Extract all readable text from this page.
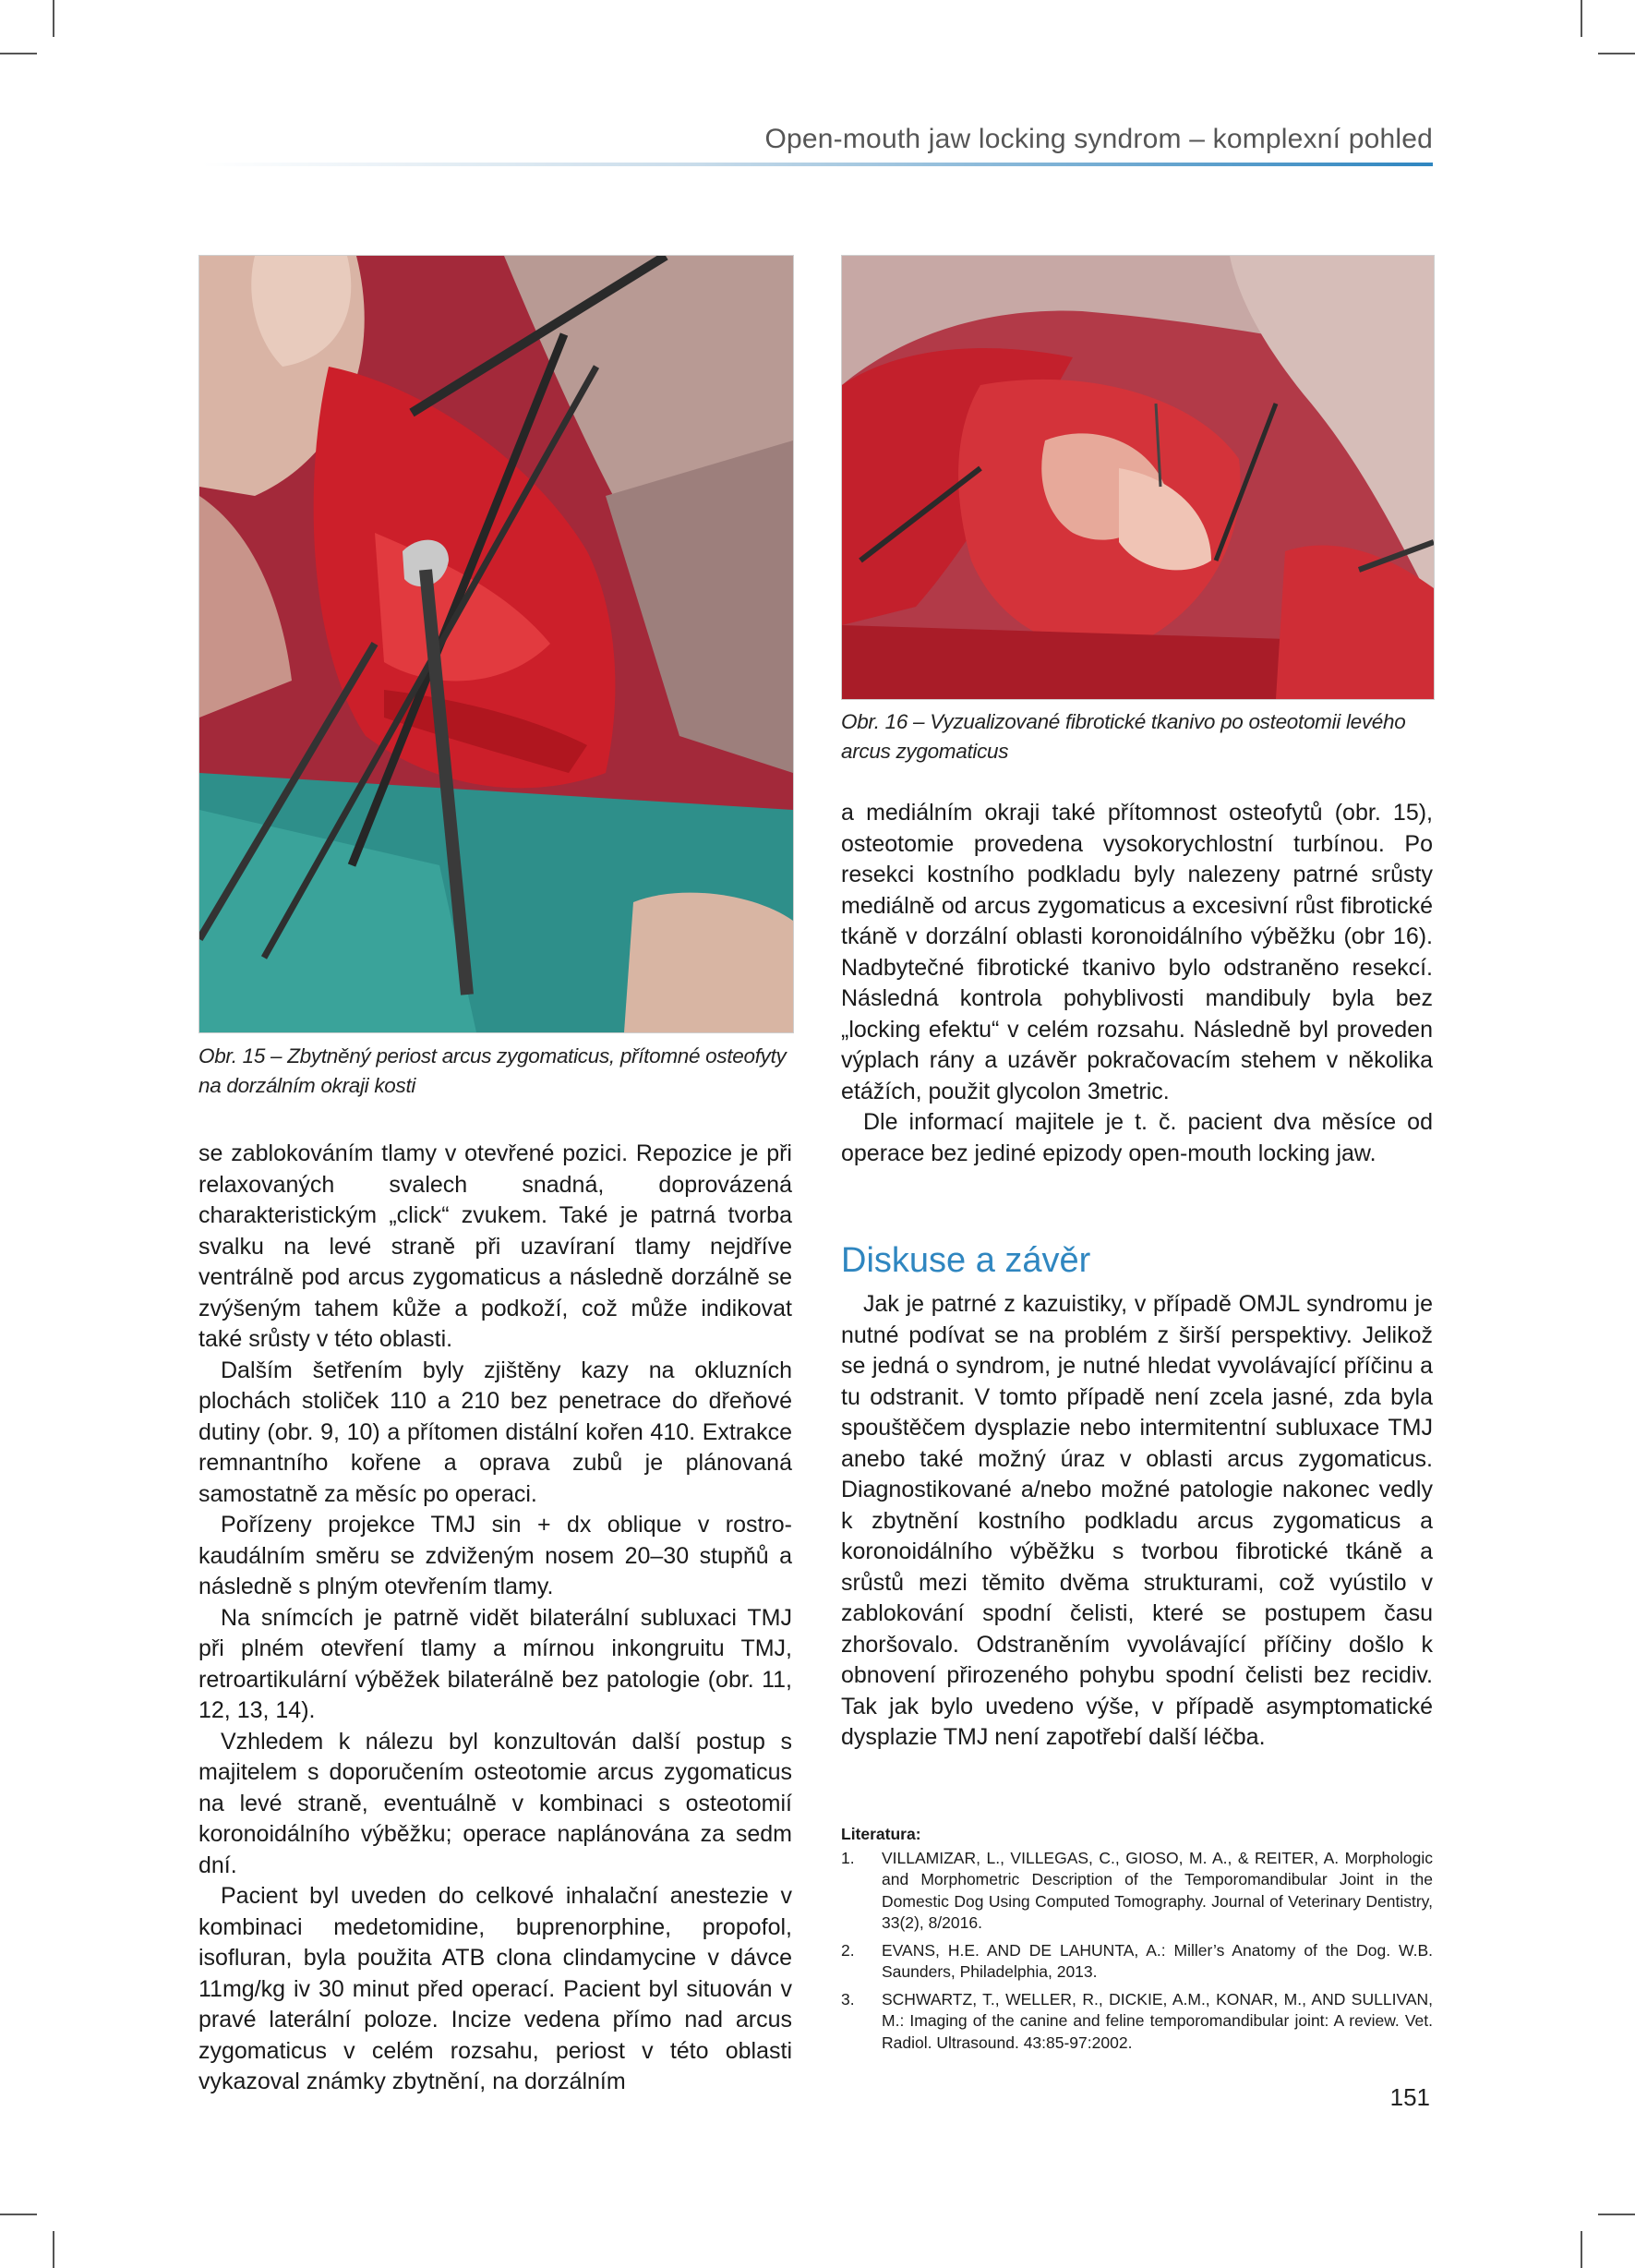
Open-mouth jaw locking syndrom – komplexní pohled
Obr. 15 – Zbytněný periost arcus zygomaticus, přítomné osteofyty na dorzálním okraji kosti
Obr. 16 – Vyzualizované fibrotické tkanivo po osteotomii levého arcus zygomaticus

se zablokováním tlamy v otevřené pozici. Repozice je při relaxovaných svalech snadná, doprovázená charakteristickým „click“ zvukem. Také je patrná tvorba svalku na levé straně při uzavíraní tlamy nejdříve ventrálně pod arcus zygomaticus a následně dorzálně se zvýšeným tahem kůže a podkoží, což může indikovat také srůsty v této oblasti.

Dalším šetřením byly zjištěny kazy na okluzních plochách stoliček 110 a 210 bez penetrace do dřeňové dutiny (obr. 9, 10) a přítomen distální kořen 410. Extrakce remnantního kořene a oprava zubů je plánovaná samostatně za měsíc po operaci.

Pořízeny projekce TMJ sin + dx oblique v rostro-kaudálním směru se zdviženým nosem 20–30 stupňů a následně s plným otevřením tlamy.

Na snímcích je patrně vidět bilaterální subluxaci TMJ při plném otevření tlamy a mírnou inkongruitu TMJ, retroartikulární výběžek bilaterálně bez patologie (obr. 11, 12, 13, 14).

Vzhledem k nálezu byl konzultován další postup s majitelem s doporučením osteotomie arcus zygomaticus na levé straně, eventuálně v kombinaci s osteotomií koronoidálního výběžku; operace naplánována za sedm dní.

Pacient byl uveden do celkové inhalační anestezie v kombinaci medetomidine, buprenorphine, propofol, isofluran, byla použita ATB clona clindamycine v dávce 11mg/kg iv 30 minut před operací. Pacient byl situován v pravé laterální poloze. Incize vedena přímo nad arcus zygomaticus v celém rozsahu, periost v této oblasti vykazoval známky zbytnění, na dorzálním

a mediálním okraji také přítomnost osteofytů (obr. 15), osteotomie provedena vysokorychlostní turbínou. Po resekci kostního podkladu byly nalezeny patrné srůsty mediálně od arcus zygomaticus a excesivní růst fibrotické tkáně v dorzální oblasti koronoidálního výběžku (obr 16). Nadbytečné fibrotické tkanivo bylo odstraněno resekcí. Následná kontrola pohyblivosti mandibuly byla bez „locking efektu“ v celém rozsahu. Následně byl proveden výplach rány a uzávěr pokračovacím stehem v několika etážích, použit glycolon 3metric.

Dle informací majitele je t. č. pacient dva měsíce od operace bez jediné epizody open-mouth locking jaw.

Diskuse a závěr

Jak je patrné z kazuistiky, v případě OMJL syndromu je nutné podívat se na problém z širší perspektivy. Jelikož se jedná o syndrom, je nutné hledat vyvolávající příčinu a tu odstranit. V tomto případě není zcela jasné, zda byla spouštěčem dysplazie nebo intermitentní subluxace TMJ anebo také možný úraz v oblasti arcus zygomaticus. Diagnostikované a/nebo možné patologie nakonec vedly k zbytnění kostního podkladu arcus zygomaticus a koronoidálního výběžku s tvorbou fibrotické tkáně a srůstů mezi těmito dvěma strukturami, což vyústilo v zablokování spodní čelisti, které se postupem času zhoršovalo. Odstraněním vyvolávající příčiny došlo k obnovení přirozeného pohybu spodní čelisti bez recidiv. Tak jak bylo uvedeno výše, v případě asymptomatické dysplazie TMJ není zapotřebí další léčba.

Literatura:
1.	VILLAMIZAR, L., VILLEGAS, C., GIOSO, M. A., & REITER, A. Morphologic and Morphometric Description of the Temporomandibular Joint in the Domestic Dog Using Computed Tomography. Journal of Veterinary Dentistry, 33(2), 8/2016.
2.	EVANS, H.E. AND DE LAHUNTA, A.: Miller’s Anatomy of the Dog. W.B. Saunders, Philadelphia, 2013.
3.	SCHWARTZ, T., WELLER, R., DICKIE, A.M., KONAR, M., AND SULLIVAN, M.: Imaging of the canine and feline temporomandibular joint: A review. Vet. Radiol. Ultrasound. 43:85-97:2002.
151
